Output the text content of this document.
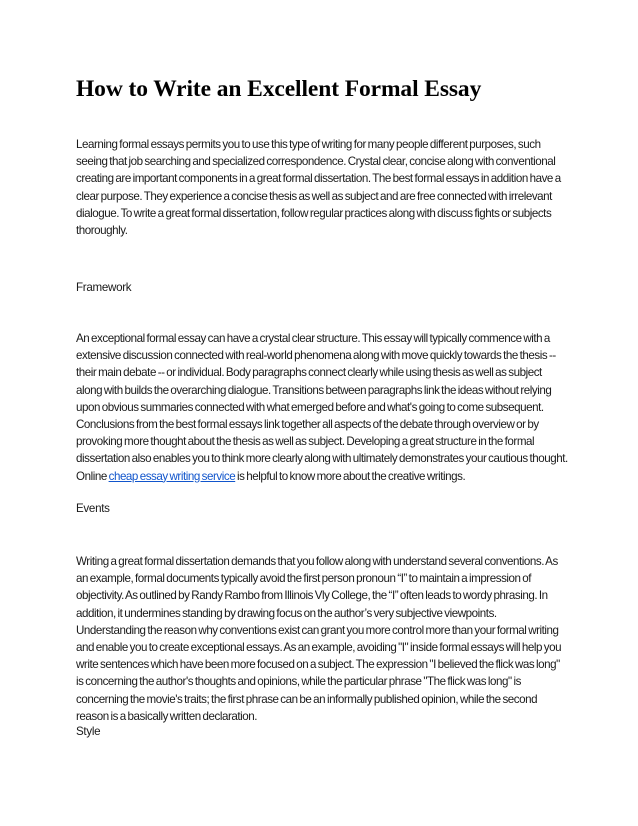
How to Write an Excellent Formal Essay

Learning formal essays permits you to use this type of writing for many people different purposes, such seeing that job searching and specialized correspondence. Crystal clear, concise along with conventional creating are important components in a great formal dissertation. The best formal essays in addition have a clear purpose. They experience a concise thesis as well as subject and are free connected with irrelevant dialogue. To write a great formal dissertation, follow regular practices along with discuss fights or subjects thoroughly.

Framework

An exceptional formal essay can have a crystal clear structure. This essay will typically commence with a extensive discussion connected with real-world phenomena along with move quickly towards the thesis -- their main debate -- or individual. Body paragraphs connect clearly while using thesis as well as subject along with builds the overarching dialogue. Transitions between paragraphs link the ideas without relying upon obvious summaries connected with what emerged before and what's going to come subsequent. Conclusions from the best formal essays link together all aspects of the debate through overview or by provoking more thought about the thesis as well as subject. Developing a great structure in the formal dissertation also enables you to think more clearly along with ultimately demonstrates your cautious thought. Online cheap essay writing service is helpful to know more about the creative writings.

Events

Writing a great formal dissertation demands that you follow along with understand several conventions. As an example, formal documents typically avoid the first person pronoun “I” to maintain a impression of objectivity. As outlined by Randy Rambo from Illinois Vly College, the “I” often leads to wordy phrasing. In addition, it undermines standing by drawing focus on the author’s very subjective viewpoints. Understanding the reason why conventions exist can grant you more control more than your formal writing and enable you to create exceptional essays. As an example, avoiding "I" inside formal essays will help you write sentences which have been more focused on a subject. The expression "I believed the flick was long" is concerning the author's thoughts and opinions, while the particular phrase "The flick was long" is concerning the movie's traits; the first phrase can be an informally published opinion, while the second reason is a basically written declaration.

Style
